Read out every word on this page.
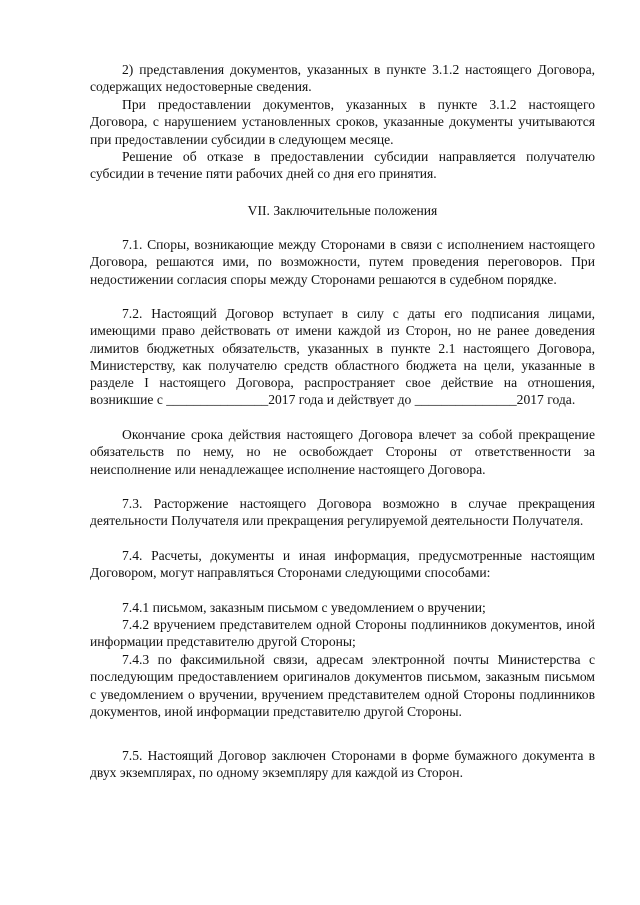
2) представления документов, указанных в пункте 3.1.2 настоящего Договора, содержащих недостоверные сведения.

При предоставлении документов, указанных в пункте 3.1.2 настоящего Договора, с нарушением установленных сроков, указанные документы учитываются при предоставлении субсидии в следующем месяце.

Решение об отказе в предоставлении субсидии направляется получателю субсидии в течение пяти рабочих дней со дня его принятия.

VII. Заключительные положения

7.1. Споры, возникающие между Сторонами в связи с исполнением настоящего Договора, решаются ими, по возможности, путем проведения переговоров. При недостижении согласия споры между Сторонами решаются в судебном порядке.

7.2. Настоящий Договор вступает в силу с даты его подписания лицами, имеющими право действовать от имени каждой из Сторон, но не ранее доведения лимитов бюджетных обязательств, указанных в пункте 2.1 настоящего Договора, Министерству, как получателю средств областного бюджета на цели, указанные в разделе I настоящего Договора, распространяет свое действие на отношения, возникшие с _______________2017 года и действует до _______________2017 года.

Окончание срока действия настоящего Договора влечет за собой прекращение обязательств по нему, но не освобождает Стороны от ответственности за неисполнение или ненадлежащее исполнение настоящего Договора.

7.3. Расторжение настоящего Договора возможно в случае прекращения деятельности Получателя или прекращения регулируемой деятельности Получателя.

7.4. Расчеты, документы и иная информация, предусмотренные настоящим Договором, могут направляться Сторонами следующими способами:

7.4.1 письмом, заказным письмом с уведомлением о вручении;

7.4.2 вручением представителем одной Стороны подлинников документов, иной информации представителю другой Стороны;

7.4.3 по факсимильной связи, адресам электронной почты Министерства с последующим предоставлением оригиналов документов письмом, заказным письмом с уведомлением о вручении, вручением представителем одной Стороны подлинников документов, иной информации представителю другой Стороны.

7.5. Настоящий Договор заключен Сторонами в форме бумажного документа в двух экземплярах, по одному экземпляру для каждой из Сторон.
